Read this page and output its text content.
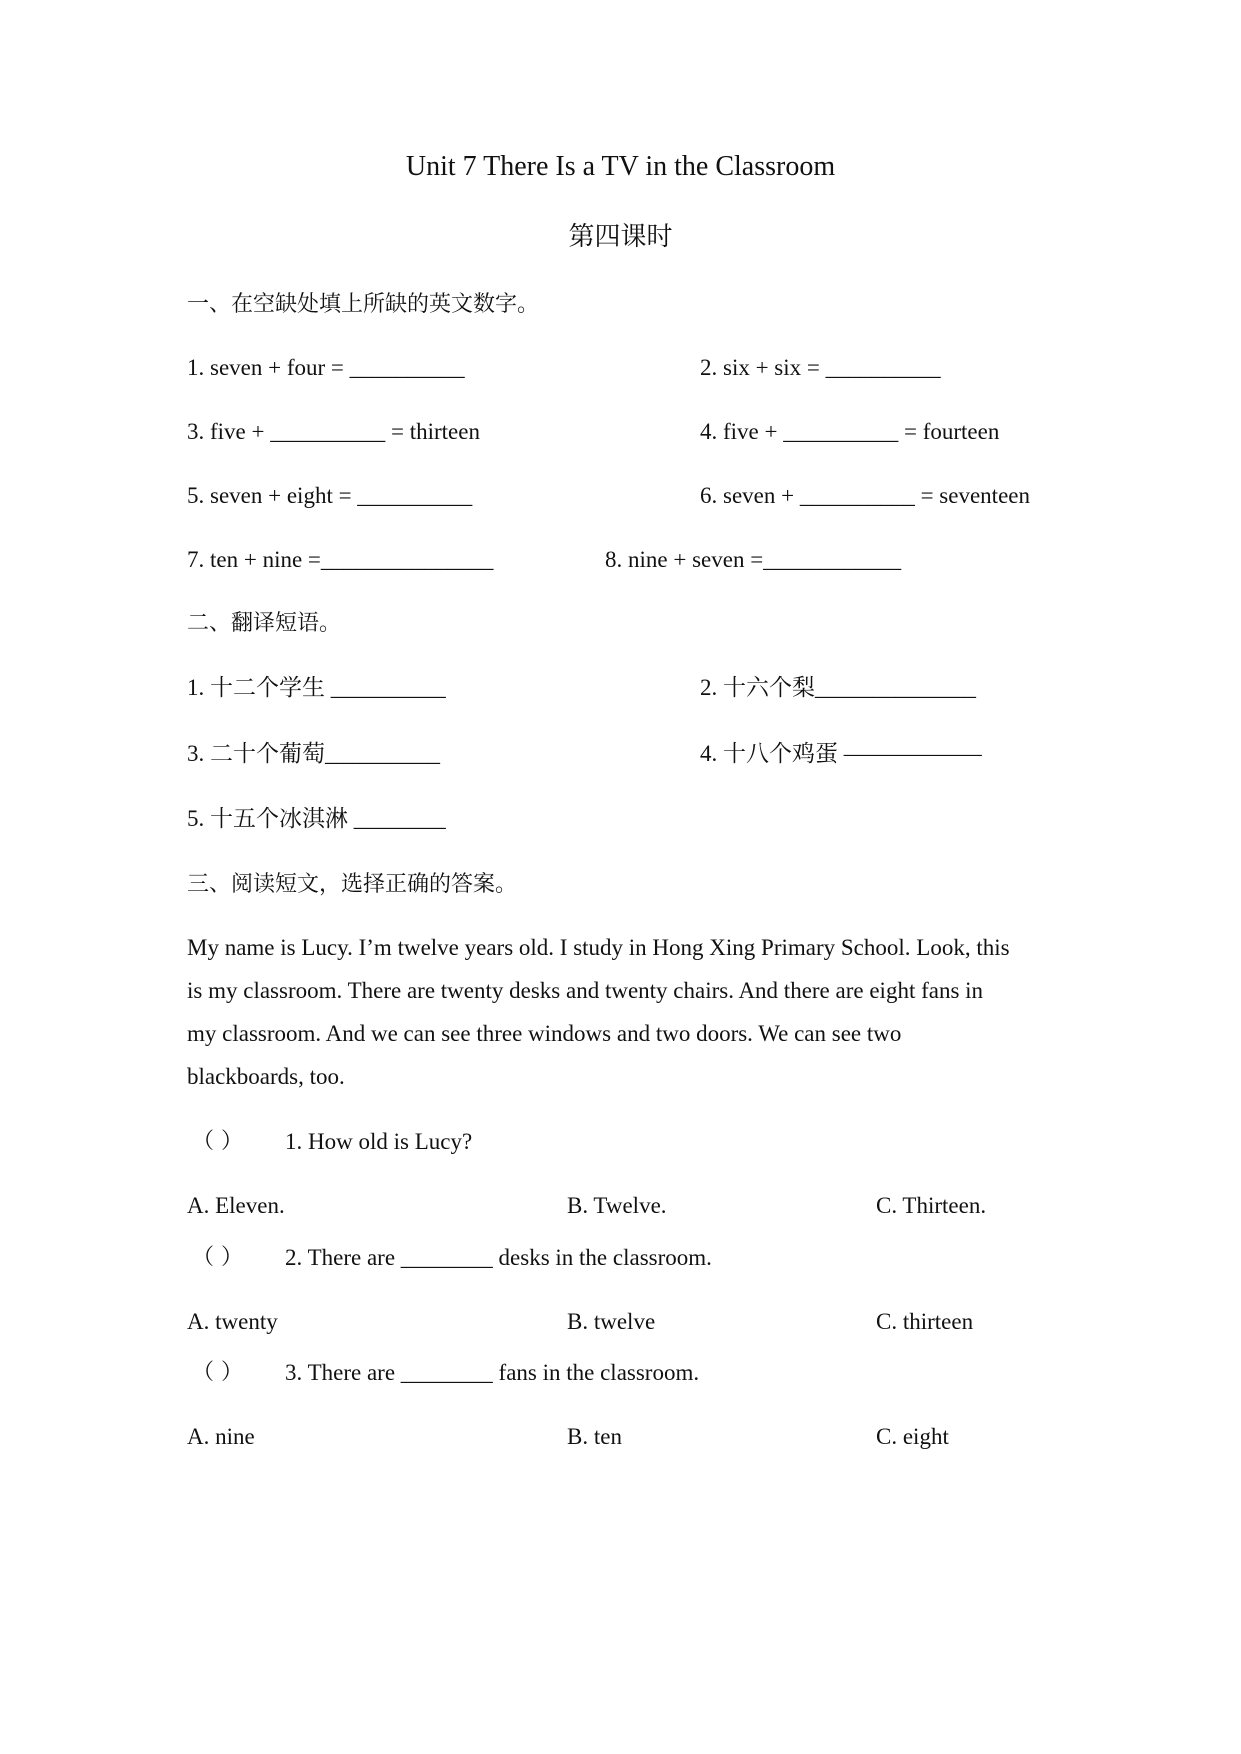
Unit 7 There Is a TV in the Classroom
第四课时
一、在空缺处填上所缺的英文数字。
1. seven + four = __________	2. six + six = __________
3. five + __________ = thirteen	4. five + __________ = fourteen
5. seven + eight = __________	6. seven + __________ = seventeen
7. ten + nine =_______________	8. nine + seven =____________
二、翻译短语。
1. 十二个学生 __________	2. 十六个梨______________
3. 二十个葡萄__________	4. 十八个鸡蛋 ——————
5. 十五个冰淇淋 ________
三、阅读短文，选择正确的答案。

My name is Lucy. I’m twelve years old. I study in Hong Xing Primary School. Look, this

is my classroom. There are twenty desks and twenty chairs. And there are eight fans in

my classroom. And we can see three windows and two doors. We can see two

blackboards, too.

（ ） 1. How old is Lucy?
A. Eleven.	B. Twelve.	C. Thirteen.
（ ） 2. There are ________ desks in the classroom.
A. twenty	B. twelve	C. thirteen
（ ） 3. There are ________ fans in the classroom.
A. nine	B. ten	C. eight
